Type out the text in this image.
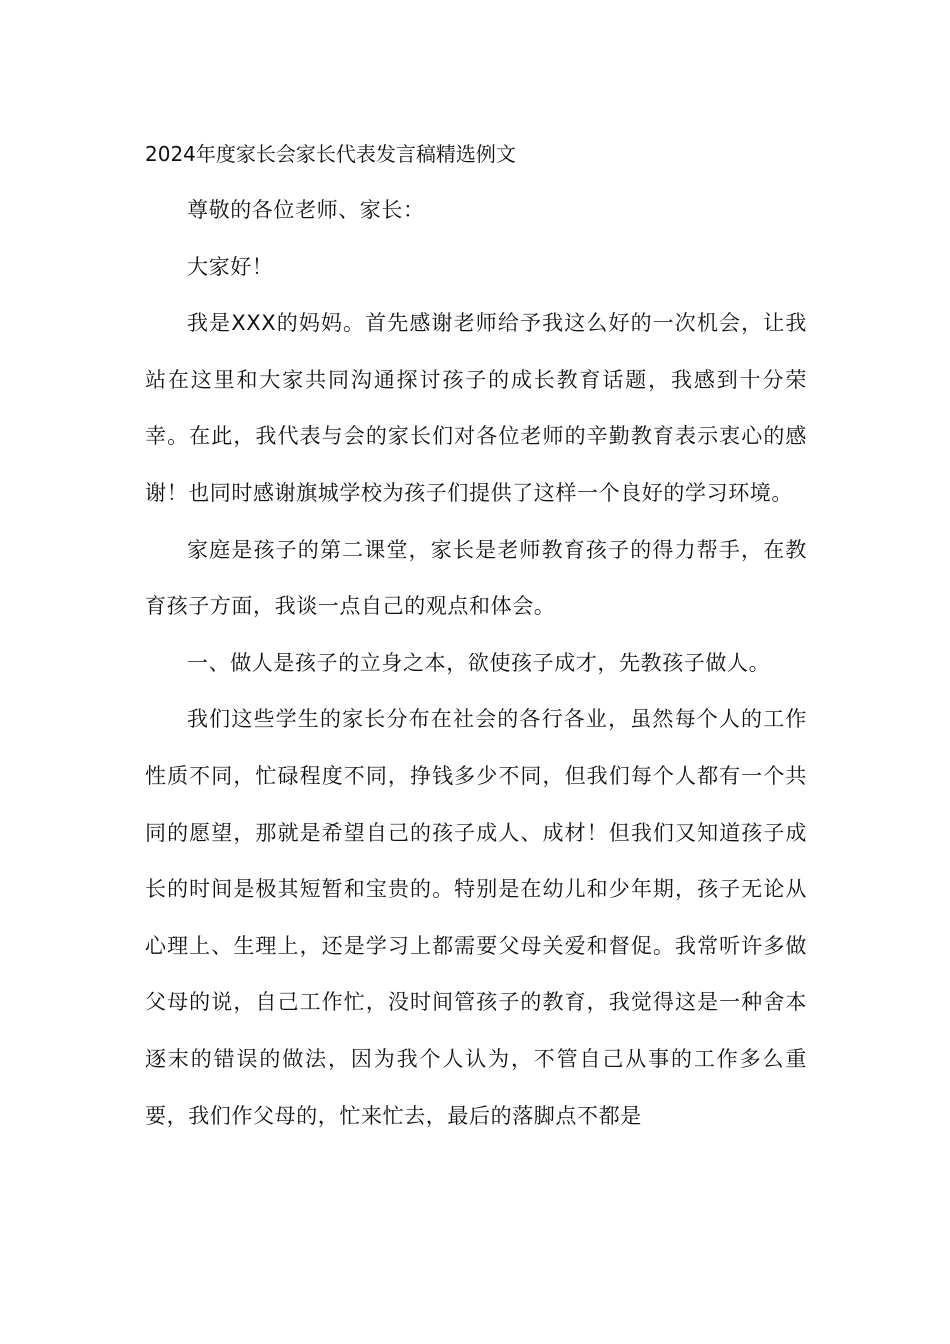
2024年度家长会家长代表发言稿精选例文

尊敬的各位老师、家长：

大家好！

我是XXX的妈妈。首先感谢老师给予我这么好的一次机会，让我站在这里和大家共同沟通探讨孩子的成长教育话题，我感到十分荣幸。在此，我代表与会的家长们对各位老师的辛勤教育表示衷心的感谢！也同时感谢旗城学校为孩子们提供了这样一个良好的学习环境。

家庭是孩子的第二课堂，家长是老师教育孩子的得力帮手，在教育孩子方面，我谈一点自己的观点和体会。

一、做人是孩子的立身之本，欲使孩子成才，先教孩子做人。

我们这些学生的家长分布在社会的各行各业，虽然每个人的工作性质不同，忙碌程度不同，挣钱多少不同，但我们每个人都有一个共同的愿望，那就是希望自己的孩子成人、成材！但我们又知道孩子成长的时间是极其短暂和宝贵的。特别是在幼儿和少年期，孩子无论从心理上、生理上，还是学习上都需要父母关爱和督促。我常听许多做父母的说，自己工作忙，没时间管孩子的教育，我觉得这是一种舍本逐末的错误的做法，因为我个人认为，不管自己从事的工作多么重要，我们作父母的，忙来忙去，最后的落脚点不都是
